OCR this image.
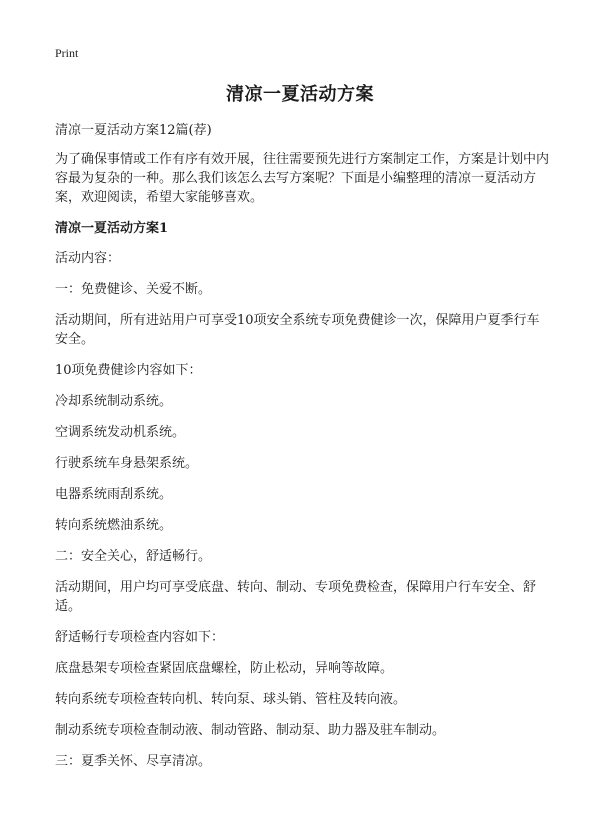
Print
清凉一夏活动方案

清凉一夏活动方案12篇(荐)

为了确保事情或工作有序有效开展，往往需要预先进行方案制定工作，方案是计划中内容最为复杂的一种。那么我们该怎么去写方案呢？下面是小编整理的清凉一夏活动方案，欢迎阅读，希望大家能够喜欢。

清凉一夏活动方案1

活动内容：

一：免费健诊、关爱不断。

活动期间，所有进站用户可享受10项安全系统专项免费健诊一次，保障用户夏季行车安全。

10项免费健诊内容如下：

冷却系统制动系统。

空调系统发动机系统。

行驶系统车身悬架系统。

电器系统雨刮系统。

转向系统燃油系统。

二：安全关心，舒适畅行。

活动期间，用户均可享受底盘、转向、制动、专项免费检查，保障用户行车安全、舒适。

舒适畅行专项检查内容如下：

底盘悬架专项检查紧固底盘螺栓，防止松动，异响等故障。

转向系统专项检查转向机、转向泵、球头销、管柱及转向液。

制动系统专项检查制动液、制动管路、制动泵、助力器及驻车制动。

三：夏季关怀、尽享清凉。
